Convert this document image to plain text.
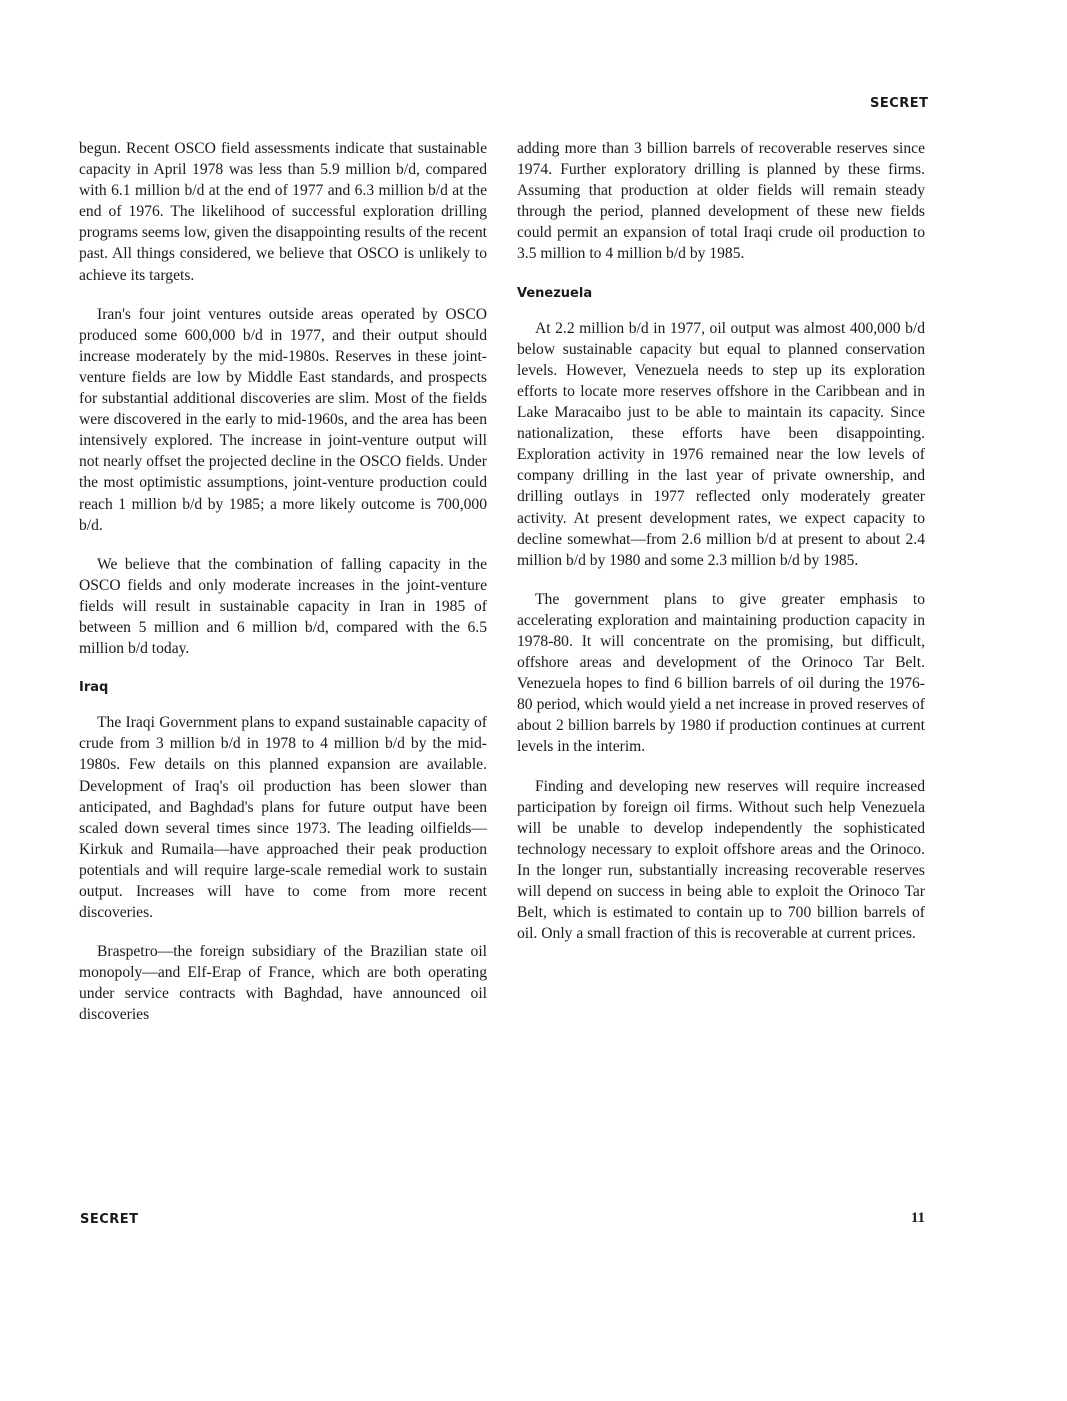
SECRET

begun. Recent OSCO field assessments indicate that sustainable capacity in April 1978 was less than 5.9 million b/d, compared with 6.1 million b/d at the end of 1977 and 6.3 million b/d at the end of 1976. The likelihood of successful exploration drilling programs seems low, given the disappointing results of the recent past. All things considered, we believe that OSCO is unlikely to achieve its targets.

Iran's four joint ventures outside areas operated by OSCO produced some 600,000 b/d in 1977, and their output should increase moderately by the mid-1980s. Reserves in these joint-venture fields are low by Middle East standards, and prospects for substantial additional discoveries are slim. Most of the fields were discovered in the early to mid-1960s, and the area has been intensively explored. The increase in joint-venture output will not nearly offset the projected decline in the OSCO fields. Under the most optimistic assumptions, joint-venture production could reach 1 million b/d by 1985; a more likely outcome is 700,000 b/d.

We believe that the combination of falling capacity in the OSCO fields and only moderate increases in the joint-venture fields will result in sustainable capacity in Iran in 1985 of between 5 million and 6 million b/d, compared with the 6.5 million b/d today.

Iraq

The Iraqi Government plans to expand sustainable capacity of crude from 3 million b/d in 1978 to 4 million b/d by the mid-1980s. Few details on this planned expansion are available. Development of Iraq's oil production has been slower than anticipated, and Baghdad's plans for future output have been scaled down several times since 1973. The leading oilfields—Kirkuk and Rumaila—have approached their peak production potentials and will require large-scale remedial work to sustain output. Increases will have to come from more recent discoveries.

Braspetro—the foreign subsidiary of the Brazilian state oil monopoly—and Elf-Erap of France, which are both operating under service contracts with Baghdad, have announced oil discoveries

adding more than 3 billion barrels of recoverable reserves since 1974. Further exploratory drilling is planned by these firms. Assuming that production at older fields will remain steady through the period, planned development of these new fields could permit an expansion of total Iraqi crude oil production to 3.5 million to 4 million b/d by 1985.

Venezuela

At 2.2 million b/d in 1977, oil output was almost 400,000 b/d below sustainable capacity but equal to planned conservation levels. However, Venezuela needs to step up its exploration efforts to locate more reserves offshore in the Caribbean and in Lake Maracaibo just to be able to maintain its capacity. Since nationalization, these efforts have been disappointing. Exploration activity in 1976 remained near the low levels of company drilling in the last year of private ownership, and drilling outlays in 1977 reflected only moderately greater activity. At present development rates, we expect capacity to decline somewhat—from 2.6 million b/d at present to about 2.4 million b/d by 1980 and some 2.3 million b/d by 1985.

The government plans to give greater emphasis to accelerating exploration and maintaining production capacity in 1978-80. It will concentrate on the promising, but difficult, offshore areas and development of the Orinoco Tar Belt. Venezuela hopes to find 6 billion barrels of oil during the 1976-80 period, which would yield a net increase in proved reserves of about 2 billion barrels by 1980 if production continues at current levels in the interim.

Finding and developing new reserves will require increased participation by foreign oil firms. Without such help Venezuela will be unable to develop independently the sophisticated technology necessary to exploit offshore areas and the Orinoco. In the longer run, substantially increasing recoverable reserves will depend on success in being able to exploit the Orinoco Tar Belt, which is estimated to contain up to 700 billion barrels of oil. Only a small fraction of this is recoverable at current prices.

SECRET	11
